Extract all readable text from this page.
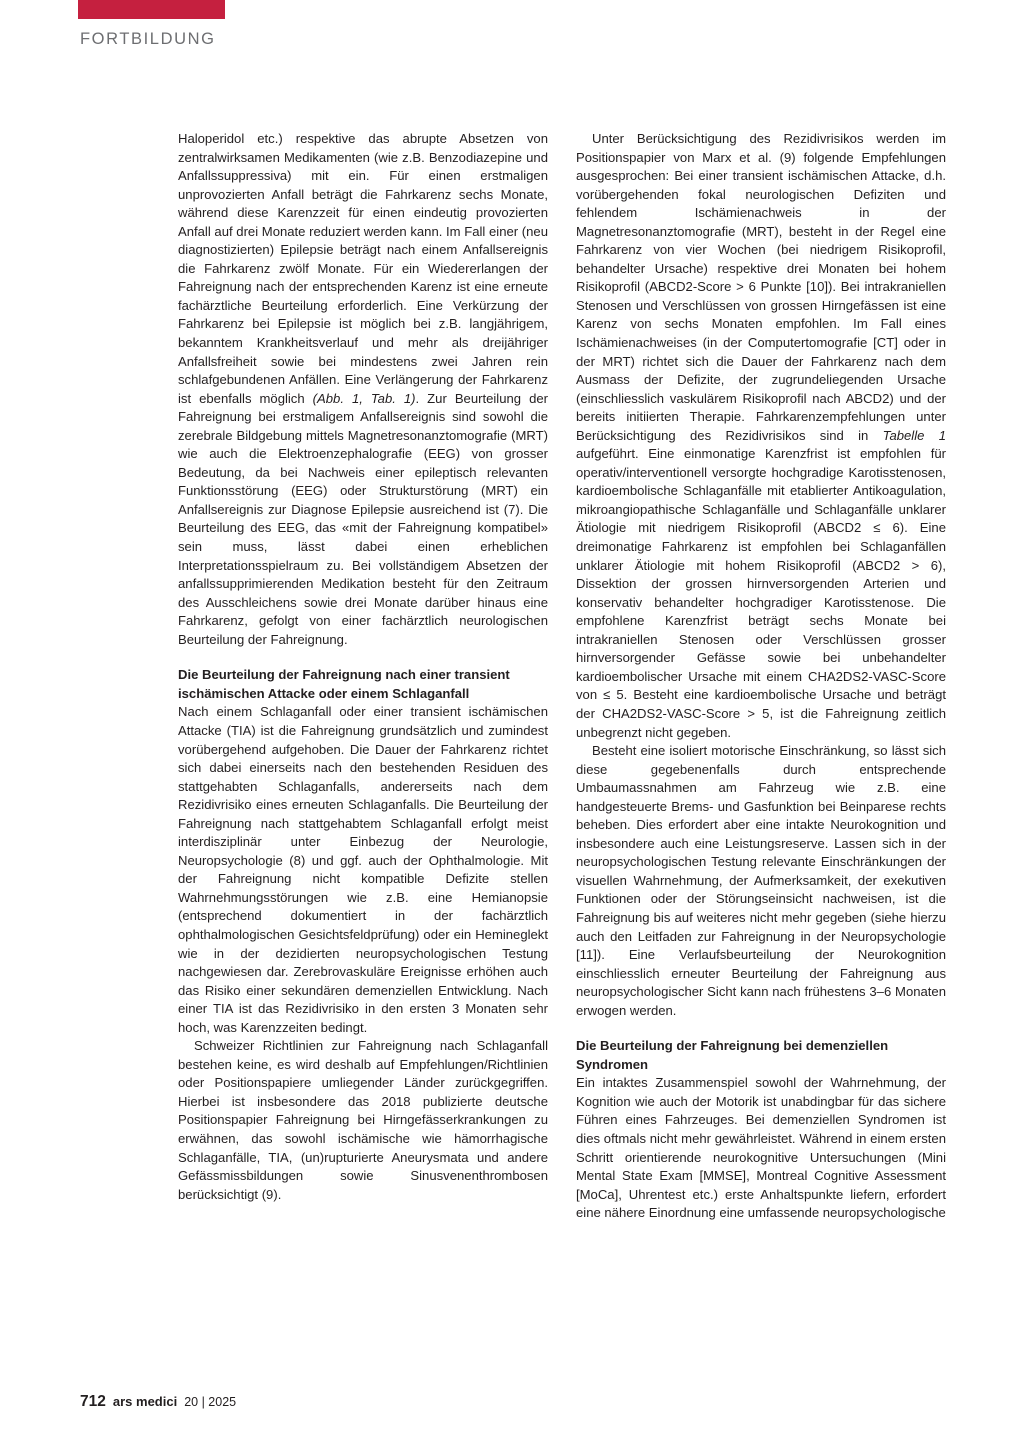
FORTBILDUNG

Haloperidol etc.) respektive das abrupte Absetzen von zentralwirksamen Medikamenten (wie z.B. Benzodiazepine und Anfallssuppressiva) mit ein. Für einen erstmaligen unprovozierten Anfall beträgt die Fahrkarenz sechs Monate, während diese Karenzzeit für einen eindeutig provozierten Anfall auf drei Monate reduziert werden kann. Im Fall einer (neu diagnostizierten) Epilepsie beträgt nach einem Anfallsereignis die Fahrkarenz zwölf Monate. Für ein Wiedererlangen der Fahreignung nach der entsprechenden Karenz ist eine erneute fachärztliche Beurteilung erforderlich. Eine Verkürzung der Fahrkarenz bei Epilepsie ist möglich bei z.B. langjährigem, bekanntem Krankheitsverlauf und mehr als dreijähriger Anfallsfreiheit sowie bei mindestens zwei Jahren rein schlafgebundenen Anfällen. Eine Verlängerung der Fahrkarenz ist ebenfalls möglich (Abb. 1, Tab. 1). Zur Beurteilung der Fahreignung bei erstmaligem Anfallsereignis sind sowohl die zerebrale Bildgebung mittels Magnetresonanztomografie (MRT) wie auch die Elektroenzephalografie (EEG) von grosser Bedeutung, da bei Nachweis einer epileptisch relevanten Funktionsstörung (EEG) oder Strukturstörung (MRT) ein Anfallsereignis zur Diagnose Epilepsie ausreichend ist (7). Die Beurteilung des EEG, das «mit der Fahreignung kompatibel» sein muss, lässt dabei einen erheblichen Interpretationsspielraum zu. Bei vollständigem Absetzen der anfallssupprimierenden Medikation besteht für den Zeitraum des Ausschleichens sowie drei Monate darüber hinaus eine Fahrkarenz, gefolgt von einer fachärztlich neurologischen Beurteilung der Fahreignung.

Die Beurteilung der Fahreignung nach einer transient ischämischen Attacke oder einem Schlaganfall

Nach einem Schlaganfall oder einer transient ischämischen Attacke (TIA) ist die Fahreignung grundsätzlich und zumindest vorübergehend aufgehoben. Die Dauer der Fahrkarenz richtet sich dabei einerseits nach den bestehenden Residuen des stattgehabten Schlaganfalls, andererseits nach dem Rezidivrisiko eines erneuten Schlaganfalls. Die Beurteilung der Fahreignung nach stattgehabtem Schlaganfall erfolgt meist interdisziplinär unter Einbezug der Neurologie, Neuropsychologie (8) und ggf. auch der Ophthalmologie. Mit der Fahreignung nicht kompatible Defizite stellen Wahrnehmungsstörungen wie z.B. eine Hemianopsie (entsprechend dokumentiert in der fachärztlich ophthalmologischen Gesichtsfeldprüfung) oder ein Hemineglekt wie in der dezidierten neuropsychologischen Testung nachgewiesen dar. Zerebrovaskuläre Ereignisse erhöhen auch das Risiko einer sekundären demenziellen Entwicklung. Nach einer TIA ist das Rezidivrisiko in den ersten 3 Monaten sehr hoch, was Karenzzeiten bedingt.

Schweizer Richtlinien zur Fahreignung nach Schlaganfall bestehen keine, es wird deshalb auf Empfehlungen/Richtlinien oder Positionspapiere umliegender Länder zurückgegriffen. Hierbei ist insbesondere das 2018 publizierte deutsche Positionspapier Fahreignung bei Hirngefässerkrankungen zu erwähnen, das sowohl ischämische wie hämorrhagische Schlaganfälle, TIA, (un)rupturierte Aneurysmata und andere Gefässmissbildungen sowie Sinusvenenthrombosen berücksichtigt (9).

Unter Berücksichtigung des Rezidivrisikos werden im Positionspapier von Marx et al. (9) folgende Empfehlungen ausgesprochen: Bei einer transient ischämischen Attacke, d.h. vorübergehenden fokal neurologischen Defiziten und fehlendem Ischämienachweis in der Magnetresonanztomografie (MRT), besteht in der Regel eine Fahrkarenz von vier Wochen (bei niedrigem Risikoprofil, behandelter Ursache) respektive drei Monaten bei hohem Risikoprofil (ABCD2-Score > 6 Punkte [10]). Bei intrakraniellen Stenosen und Verschlüssen von grossen Hirngefässen ist eine Karenz von sechs Monaten empfohlen. Im Fall eines Ischämienachweises (in der Computertomografie [CT] oder in der MRT) richtet sich die Dauer der Fahrkarenz nach dem Ausmass der Defizite, der zugrundeliegenden Ursache (einschliesslich vaskulärem Risikoprofil nach ABCD2) und der bereits initiierten Therapie. Fahrkarenzempfehlungen unter Berücksichtigung des Rezidivrisikos sind in Tabelle 1 aufgeführt. Eine einmonatige Karenzfrist ist empfohlen für operativ/interventionell versorgte hochgradige Karotisstenosen, kardioembolische Schlaganfälle mit etablierter Antikoagulation, mikroangiopathische Schlaganfälle und Schlaganfälle unklarer Ätiologie mit niedrigem Risikoprofil (ABCD2 ≤ 6). Eine dreimonatige Fahrkarenz ist empfohlen bei Schlaganfällen unklarer Ätiologie mit hohem Risikoprofil (ABCD2 > 6), Dissektion der grossen hirnversorgenden Arterien und konservativ behandelter hochgradiger Karotisstenose. Die empfohlene Karenzfrist beträgt sechs Monate bei intrakraniellen Stenosen oder Verschlüssen grosser hirnversorgender Gefässe sowie bei unbehandelter kardioembolischer Ursache mit einem CHA2DS2-VASC-Score von ≤ 5. Besteht eine kardioembolische Ursache und beträgt der CHA2DS2-VASC-Score > 5, ist die Fahreignung zeitlich unbegrenzt nicht gegeben.

Besteht eine isoliert motorische Einschränkung, so lässt sich diese gegebenenfalls durch entsprechende Umbaumassnahmen am Fahrzeug wie z.B. eine handgesteuerte Brems- und Gasfunktion bei Beinparese rechts beheben. Dies erfordert aber eine intakte Neurokognition und insbesondere auch eine Leistungsreserve. Lassen sich in der neuropsychologischen Testung relevante Einschränkungen der visuellen Wahrnehmung, der Aufmerksamkeit, der exekutiven Funktionen oder der Störungseinsicht nachweisen, ist die Fahreignung bis auf weiteres nicht mehr gegeben (siehe hierzu auch den Leitfaden zur Fahreignung in der Neuropsychologie [11]). Eine Verlaufsbeurteilung der Neurokognition einschliesslich erneuter Beurteilung der Fahreignung aus neuropsychologischer Sicht kann nach frühestens 3–6 Monaten erwogen werden.

Die Beurteilung der Fahreignung bei demenziellen Syndromen

Ein intaktes Zusammenspiel sowohl der Wahrnehmung, der Kognition wie auch der Motorik ist unabdingbar für das sichere Führen eines Fahrzeuges. Bei demenziellen Syndromen ist dies oftmals nicht mehr gewährleistet. Während in einem ersten Schritt orientierende neurokognitive Untersuchungen (Mini Mental State Exam [MMSE], Montreal Cognitive Assessment [MoCa], Uhrentest etc.) erste Anhaltspunkte liefern, erfordert eine nähere Einordnung eine umfassende neuropsychologische

712 ars medici 20 | 2025
